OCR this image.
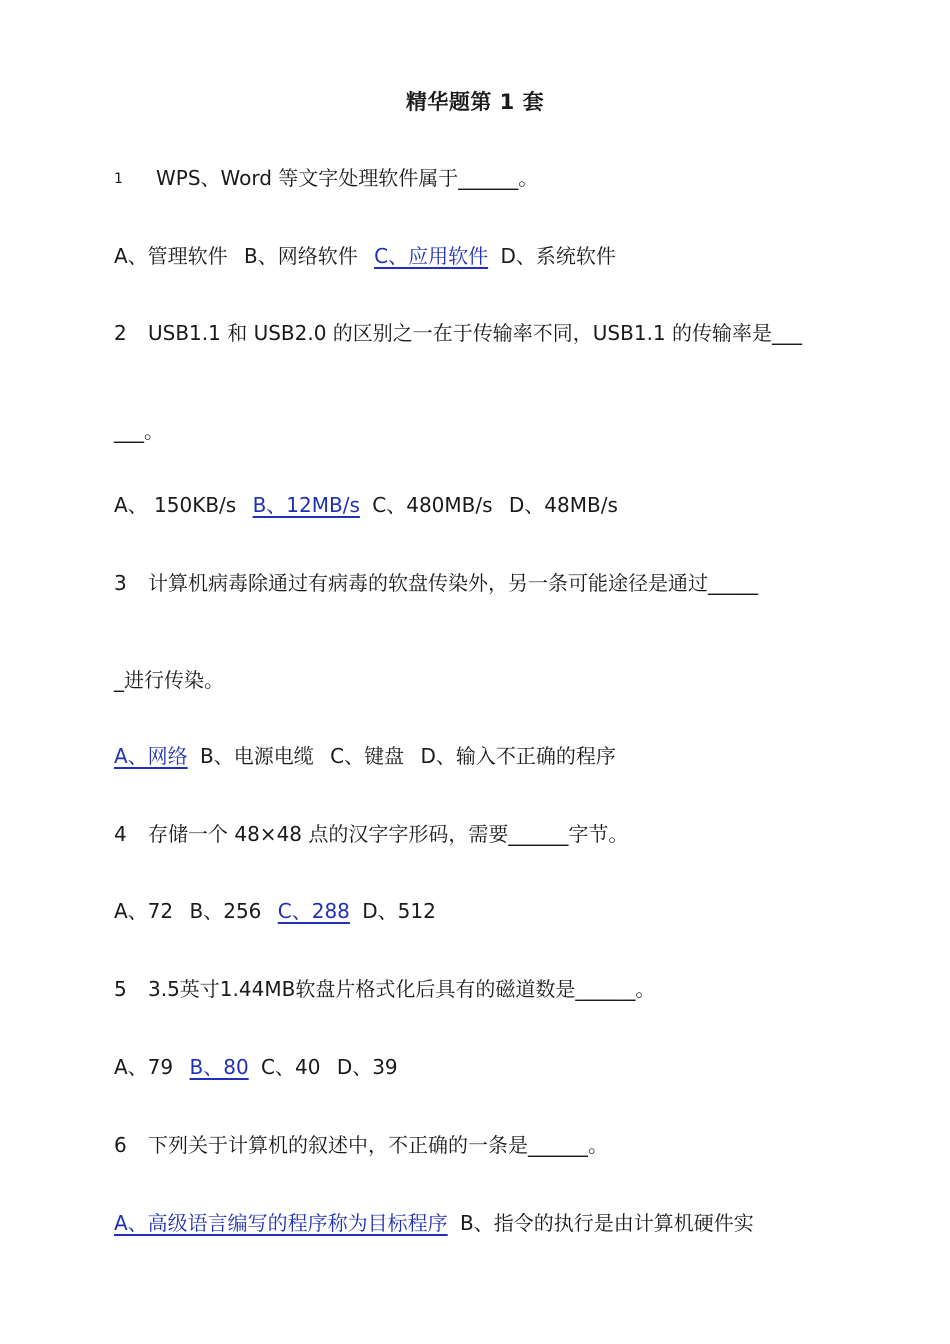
精华题第 1 套
1 WPS、Word 等文字处理软件属于______。
A、管理软件 B、网络软件 C、应用软件 D、系统软件
2 USB1.1 和 USB2.0 的区别之一在于传输率不同，USB1.1 的传输率是___
___。
A、 150KB/s B、12MB/s C、480MB/s D、48MB/s
3 计算机病毒除通过有病毒的软盘传染外，另一条可能途径是通过_____
_进行传染。
A、网络 B、电源电缆 C、键盘 D、输入不正确的程序
4 存储一个 48×48 点的汉字字形码，需要______字节。
A、72 B、256 C、288 D、512
5 3.5英寸1.44MB软盘片格式化后具有的磁道数是______。
A、79 B、80 C、40 D、39
6 下列关于计算机的叙述中，不正确的一条是______。
A、高级语言编写的程序称为目标程序 B、指令的执行是由计算机硬件实
